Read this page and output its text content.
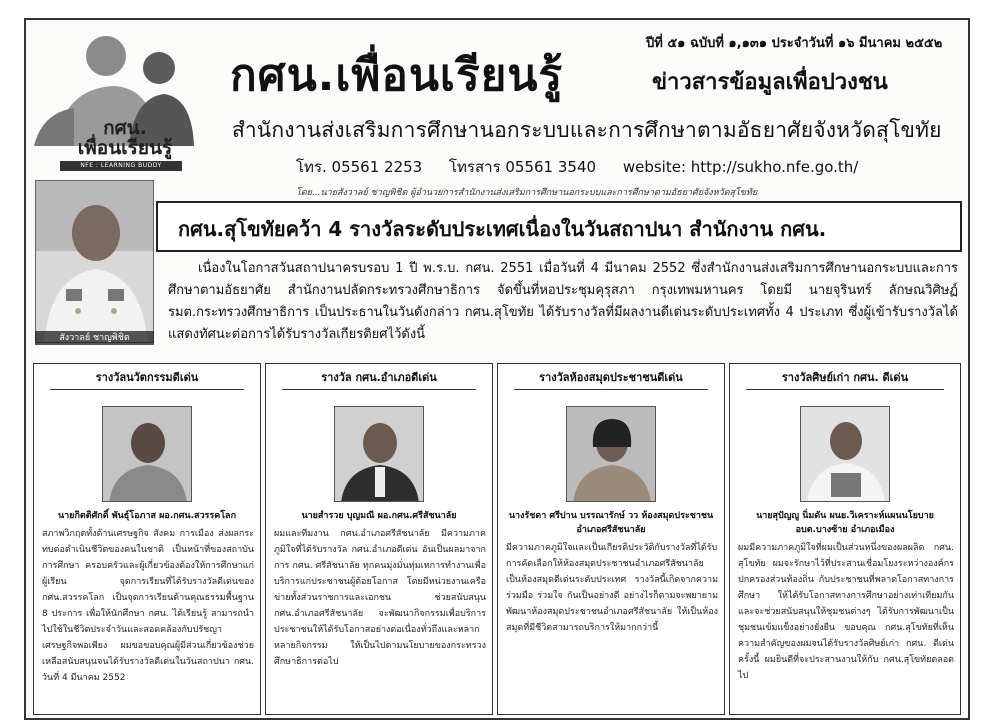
กศน.
เพื่อนเรียนรู้
NFE : LEARNING BUDDY
ปีที่ ๕๑ ฉบับที่ ๑,๑๓๑ ประจำวันที่ ๑๖ มีนาคม ๒๕๕๒
กศน.เพื่อนเรียนรู้	ข่าวสารข้อมูลเพื่อปวงชน
สำนักงานส่งเสริมการศึกษานอกระบบและการศึกษาตามอัธยาศัยจังหวัดสุโขทัย
โทร. 05561 2253 โทรสาร 05561 3540 website: http://sukho.nfe.go.th/
สังวาลย์ ชาญพิชิต
โดย...นายสังวาลย์ ชาญพิชิต ผู้อำนวยการสำนักงานส่งเสริมการศึกษานอกระบบและการศึกษาตามอัธยาศัยจังหวัดสุโขทัย
กศน.สุโขทัยคว้า 4 รางวัลระดับประเทศเนื่องในวันสถาปนา สำนักงาน กศน.

เนื่องในโอกาสวันสถาปนาครบรอบ 1 ปี พ.ร.บ. กศน. 2551 เมื่อวันที่ 4 มีนาคม 2552 ซึ่งสำนักงานส่งเสริมการศึกษานอกระบบและการศึกษาตามอัธยาศัย สำนักงานปลัดกระทรวงศึกษาธิการ จัดขึ้นที่หอประชุมคุรุสภา กรุงเทพมหานคร โดยมี นายจุรินทร์ ลักษณวิศิษฏ์ รมต.กระทรวงศึกษาธิการ เป็นประธานในวันดังกล่าว กศน.สุโขทัย ได้รับรางวัลที่มีผลงานดีเด่นระดับประเทศทั้ง 4 ประเภท ซึ่งผู้เข้ารับรางวัลได้แสดงทัศนะต่อการได้รับรางวัลเกียรติยศไว้ดังนี้

รางวัลนวัตกรรมดีเด่น
นายกิตติศักดิ์ พันธุ์โอภาส ผอ.กศน.สวรรคโลก
สภาพวิกฤตทั้งด้านเศรษฐกิจ สังคม การเมือง ส่งผลกระทบต่อดำเนินชีวิตของคนในชาติ เป็นหน้าที่ของสถาบันการศึกษา ครอบครัวและผู้เกี่ยวข้องต้องให้การศึกษาแก่ผู้เรียน จุดการเรียนที่ได้รับรางวัลดีเด่นของ กศน.สวรรคโลก เป็นจุดการเรียนด้านคุณธรรมพื้นฐาน 8 ประการ เพื่อให้นักศึกษา กศน. ได้เรียนรู้ สามารถนำไปใช้ในชีวิตประจำวันและสอดคล้องกับปรัชญาเศรษฐกิจพอเพียง ผมขอขอบคุณผู้มีส่วนเกี่ยวข้องช่วยเหลือสนับสนุนจนได้รับรางวัลดีเด่นในวันสถาปนา กศน. วันที่ 4 มีนาคม 2552
รางวัล กศน.อำเภอดีเด่น
นายสำรวย บุญมณี ผอ.กศน.ศรีสัชนาลัย
ผมและทีมงาน กศน.อำเภอศรีสัชนาลัย มีความภาคภูมิใจที่ได้รับรางวัล กศน.อำเภอดีเด่น อันเป็นผลมาจากการ กศน. ศรีสัชนาลัย ทุกคนมุ่งมั่นทุ่มเทการทำงานเพื่อบริการแก่ประชาชนผู้ด้อยโอกาส โดยมีหน่วยงานเครือข่ายทั้งส่วนราชการและเอกชน ช่วยสนับสนุน กศน.อำเภอศรีสัชนาลัย จะพัฒนากิจกรรมเพื่อบริการประชาชนให้ได้รับโอกาสอย่างต่อเนื่องทั่วถึงและหลากหลายกิจกรรม ให้เป็นไปตามนโยบายของกระทรวงศึกษาธิการต่อไป
รางวัลห้องสมุดประชาชนดีเด่น
นางรัชดา ศรีปาน บรรณารักษ์ วว ห้องสมุดประชาชนอำเภอศรีสัชนาลัย
มีความภาคภูมิใจและเป็นเกียรติประวัติกับรางวัลที่ได้รับการคัดเลือกให้ห้องสมุดประชาชนอำเภอศรีสัชนาลัย เป็นห้องสมุดดีเด่นระดับประเทศ รางวัลนี้เกิดจากความร่วมมือ ร่วมใจ กันเป็นอย่างดี อย่างไรก็ตามจะพยายามพัฒนาห้องสมุดประชาชนอำเภอศรีสัชนาลัย ให้เป็นห้องสมุดที่มีชีวิตสามารถบริการให้มากกว่านี้
รางวัลศิษย์เก่า กศน. ดีเด่น
นายสุปัญญู นิ่มดัน ผนย.วิเคราะห์แผนนโยบาย อบต.บางซ้าย อำเภอเมือง
ผมมีความภาคภูมิใจที่ผมเป็นส่วนหนึ่งของผลผลิต กศน. สุโขทัย ผมจะรักษาไว้ที่ประสานเชื่อมโยงระหว่างองค์กรปกครองส่วนท้องถิ่น กับประชาชนที่พลาดโอกาสทางการศึกษา ให้ได้รับโอกาสทางการศึกษาอย่างเท่าเทียมกันและจะช่วยสนับสนุนให้ชุมชนต่างๆ ได้รับการพัฒนาเป็นชุมชนเข้มแข็งอย่างยั่งยืน ขอบคุณ กศน.สุโขทัยที่เห็นความสำคัญของผมจนได้รับรางวัลศิษย์เก่า กศน. ดีเด่น ครั้งนี้ ผมยินดีที่จะประสานงานให้กับ กศน.สุโขทัยตลอดไป
